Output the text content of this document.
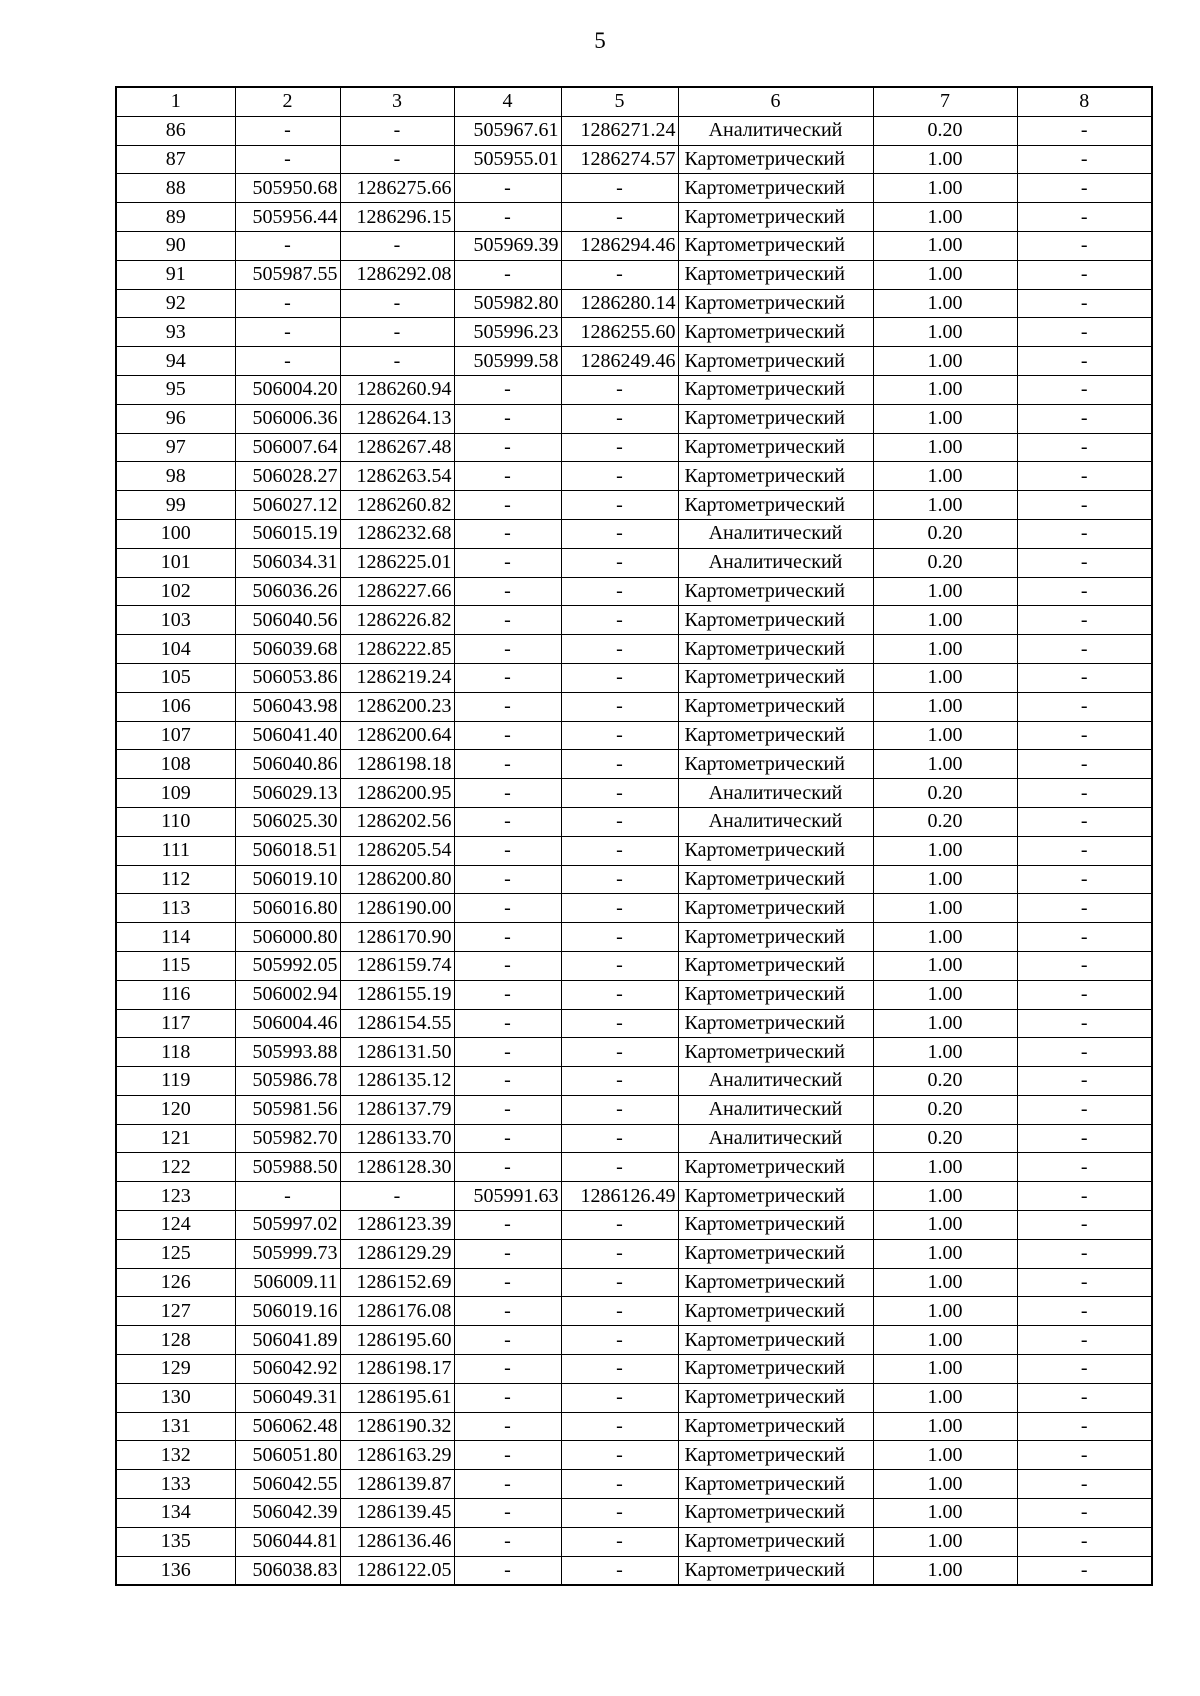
5
1	2	3	4	5	6	7	8
86	-	-	505967.61	1286271.24	Аналитический	0.20	-
87	-	-	505955.01	1286274.57	Картометрический	1.00	-
88	505950.68	1286275.66	-	-	Картометрический	1.00	-
89	505956.44	1286296.15	-	-	Картометрический	1.00	-
90	-	-	505969.39	1286294.46	Картометрический	1.00	-
91	505987.55	1286292.08	-	-	Картометрический	1.00	-
92	-	-	505982.80	1286280.14	Картометрический	1.00	-
93	-	-	505996.23	1286255.60	Картометрический	1.00	-
94	-	-	505999.58	1286249.46	Картометрический	1.00	-
95	506004.20	1286260.94	-	-	Картометрический	1.00	-
96	506006.36	1286264.13	-	-	Картометрический	1.00	-
97	506007.64	1286267.48	-	-	Картометрический	1.00	-
98	506028.27	1286263.54	-	-	Картометрический	1.00	-
99	506027.12	1286260.82	-	-	Картометрический	1.00	-
100	506015.19	1286232.68	-	-	Аналитический	0.20	-
101	506034.31	1286225.01	-	-	Аналитический	0.20	-
102	506036.26	1286227.66	-	-	Картометрический	1.00	-
103	506040.56	1286226.82	-	-	Картометрический	1.00	-
104	506039.68	1286222.85	-	-	Картометрический	1.00	-
105	506053.86	1286219.24	-	-	Картометрический	1.00	-
106	506043.98	1286200.23	-	-	Картометрический	1.00	-
107	506041.40	1286200.64	-	-	Картометрический	1.00	-
108	506040.86	1286198.18	-	-	Картометрический	1.00	-
109	506029.13	1286200.95	-	-	Аналитический	0.20	-
110	506025.30	1286202.56	-	-	Аналитический	0.20	-
111	506018.51	1286205.54	-	-	Картометрический	1.00	-
112	506019.10	1286200.80	-	-	Картометрический	1.00	-
113	506016.80	1286190.00	-	-	Картометрический	1.00	-
114	506000.80	1286170.90	-	-	Картометрический	1.00	-
115	505992.05	1286159.74	-	-	Картометрический	1.00	-
116	506002.94	1286155.19	-	-	Картометрический	1.00	-
117	506004.46	1286154.55	-	-	Картометрический	1.00	-
118	505993.88	1286131.50	-	-	Картометрический	1.00	-
119	505986.78	1286135.12	-	-	Аналитический	0.20	-
120	505981.56	1286137.79	-	-	Аналитический	0.20	-
121	505982.70	1286133.70	-	-	Аналитический	0.20	-
122	505988.50	1286128.30	-	-	Картометрический	1.00	-
123	-	-	505991.63	1286126.49	Картометрический	1.00	-
124	505997.02	1286123.39	-	-	Картометрический	1.00	-
125	505999.73	1286129.29	-	-	Картометрический	1.00	-
126	506009.11	1286152.69	-	-	Картометрический	1.00	-
127	506019.16	1286176.08	-	-	Картометрический	1.00	-
128	506041.89	1286195.60	-	-	Картометрический	1.00	-
129	506042.92	1286198.17	-	-	Картометрический	1.00	-
130	506049.31	1286195.61	-	-	Картометрический	1.00	-
131	506062.48	1286190.32	-	-	Картометрический	1.00	-
132	506051.80	1286163.29	-	-	Картометрический	1.00	-
133	506042.55	1286139.87	-	-	Картометрический	1.00	-
134	506042.39	1286139.45	-	-	Картометрический	1.00	-
135	506044.81	1286136.46	-	-	Картометрический	1.00	-
136	506038.83	1286122.05	-	-	Картометрический	1.00	-
